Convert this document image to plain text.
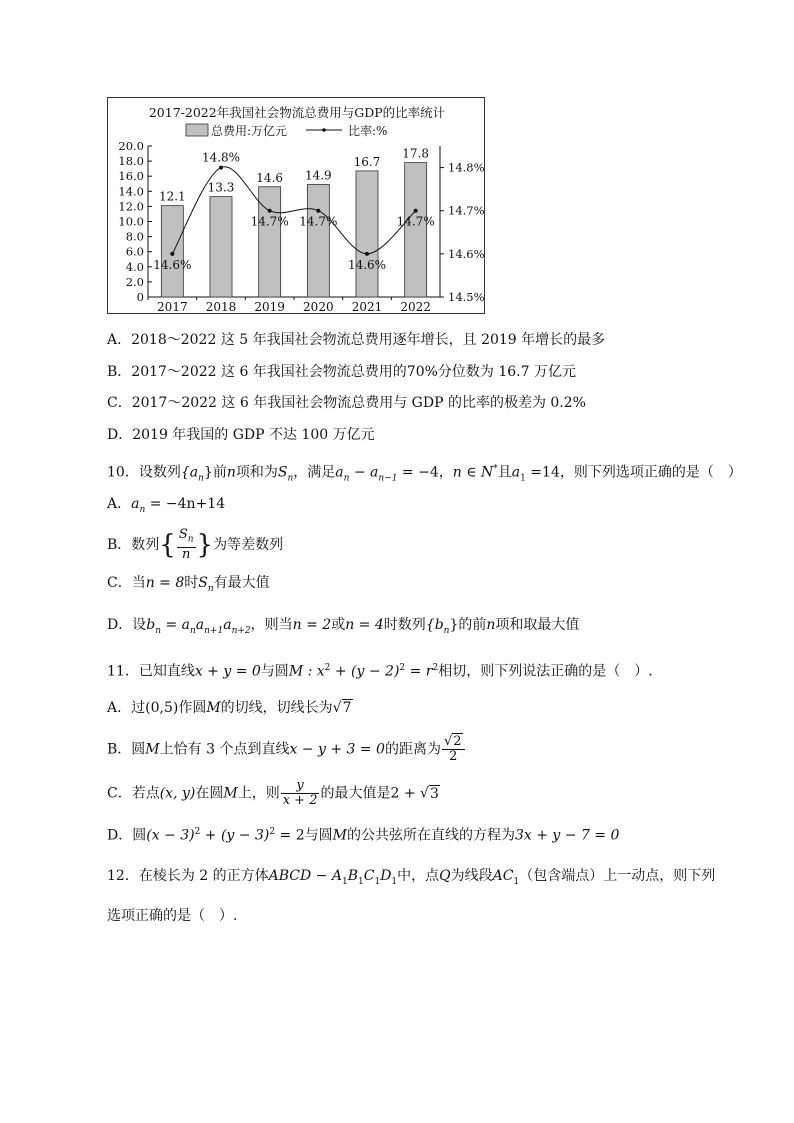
2017-2022年我国社会物流总费用与GDP的比率统计
总费用:万亿元	比率:%
0
2.0
4.0
6.0
8.0
10.0
12.0
14.0
16.0
18.0
20.0
14.5%
14.6%
14.7%
14.8%
12.1
13.3
14.6 14.9
16.7
17.8
2017 2018 2019 2020 2021 2022
14.6%
14.8%
14.7% 14.7%
14.6%
14.7%
A．2018～2022 这 5 年我国社会物流总费用逐年增长，且 2019 年增长的最多
B．2017～2022 这 6 年我国社会物流总费用的70%分位数为 16.7 万亿元
C．2017～2022 这 6 年我国社会物流总费用与 GDP 的比率的极差为 0.2%
D．2019 年我国的 GDP 不达 100 万亿元
10．设数列$\{a_n\}$前n项和为$S_n$，满足$a_n - a_{n-1} = -4$，n ∈ N*且$a_1 =14$，则下列选项正确的是（　）
A．$a_n = -4n+14$
B．数列{ $\frac{S_n}{n}$ }为等差数列
C．当n = 8时$S_n$有最大值
D．设$b_n = a_na_{n+1}a_{n+2}$，则当n = 2或n = 4时数列$\{b_n\}$的前n项和取最大值
11．已知直线x + y = 0与圆M : $x^2 + (y - 2)^2 = r^2$相切，则下列说法正确的是（　）.
A．过(0,5)作圆M的切线，切线长为√7
B．圆M上恰有 3 个点到直线x − y + 3 = 0的距离为 $\frac{√2}{2}$
C．若点(x, y)在圆M上，则 $\frac{y}{x + 2}$ 的最大值是2 + √3
D．圆$(x - 3)^2 + (y - 3)^2 = 2$与圆M的公共弦所在直线的方程为3x + y − 7 = 0
12．在棱长为 2 的正方体ABCD − $A_1B_1C_1D_1$中，点Q为线段$AC_1$（包含端点）上一动点，则下列
选项正确的是（　）.
